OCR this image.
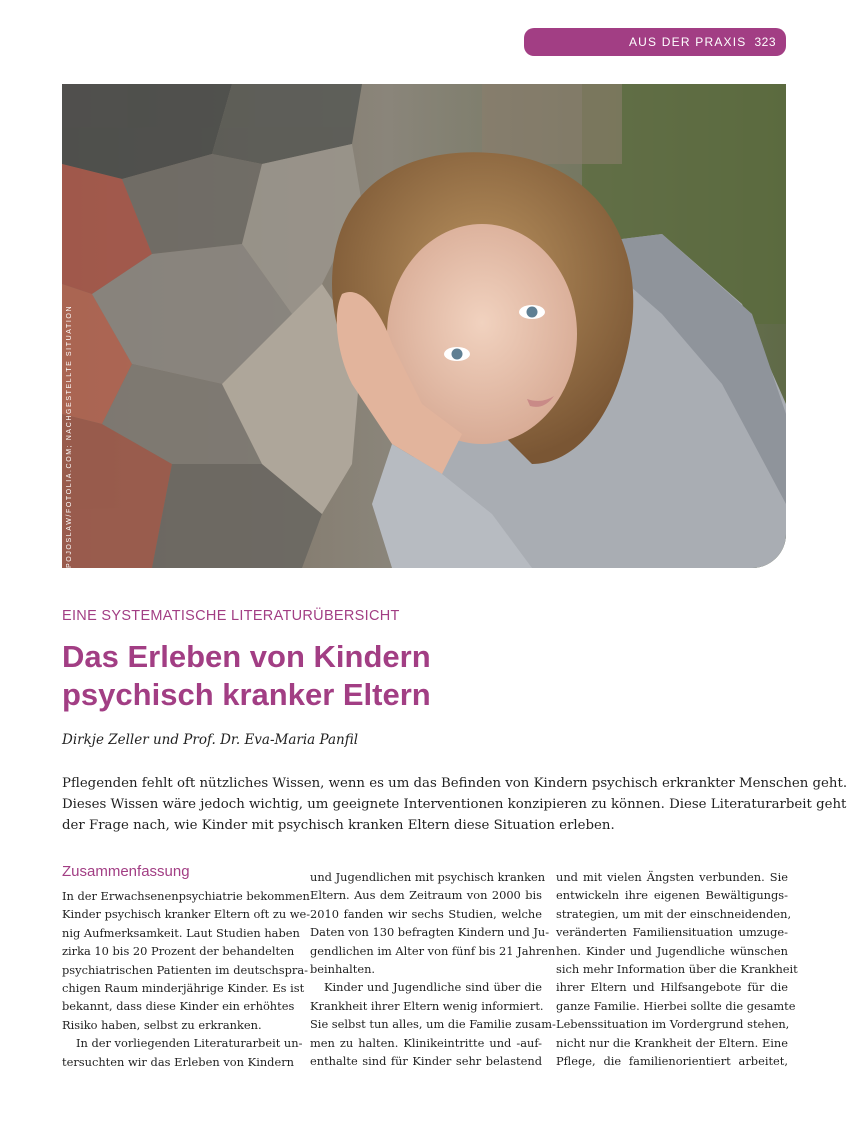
AUS DER PRAXIS 323
POJOSLAW/FOTOLIA.COM; NACHGESTELLTE SITUATION
EINE SYSTEMATISCHE LITERATURÜBERSICHT
Das Erleben von Kindern
psychisch kranker Eltern
Dirkje Zeller und Prof. Dr. Eva-Maria Panfil
Pflegenden fehlt oft nützliches Wissen, wenn es um das Befinden von Kindern psychisch erkrankter Menschen geht.
Dieses Wissen wäre jedoch wichtig, um geeignete Interventionen konzipieren zu können. Diese Literaturarbeit geht
der Frage nach, wie Kinder mit psychisch kranken Eltern diese Situation erleben.
Zusammenfassung
In der Erwachsenenpsychiatrie bekommen
Kinder psychisch kranker Eltern oft zu we-
nig Aufmerksamkeit. Laut Studien haben
zirka 10 bis 20 Prozent der behandelten
psychiatrischen Patienten im deutschspra-
chigen Raum minderjährige Kinder. Es ist
bekannt, dass diese Kinder ein erhöhtes
Risiko haben, selbst zu erkranken.
In der vorliegenden Literaturarbeit un-
tersuchten wir das Erleben von Kindern
und Jugendlichen mit psychisch kranken
Eltern. Aus dem Zeitraum von 2000 bis
2010 fanden wir sechs Studien, welche
Daten von 130 befragten Kindern und Ju-
gendlichen im Alter von fünf bis 21 Jahren
beinhalten.
Kinder und Jugendliche sind über die
Krankheit ihrer Eltern wenig informiert.
Sie selbst tun alles, um die Familie zusam-
men zu halten. Klinikeintritte und -auf-
enthalte sind für Kinder sehr belastend
und mit vielen Ängsten verbunden. Sie
entwickeln ihre eigenen Bewältigungs-
strategien, um mit der einschneidenden,
veränderten Familiensituation umzuge-
hen. Kinder und Jugendliche wünschen
sich mehr Information über die Krankheit
ihrer Eltern und Hilfsangebote für die
ganze Familie. Hierbei sollte die gesamte
Lebenssituation im Vordergrund stehen,
nicht nur die Krankheit der Eltern. Eine
Pflege, die familienorientiert arbeitet,
